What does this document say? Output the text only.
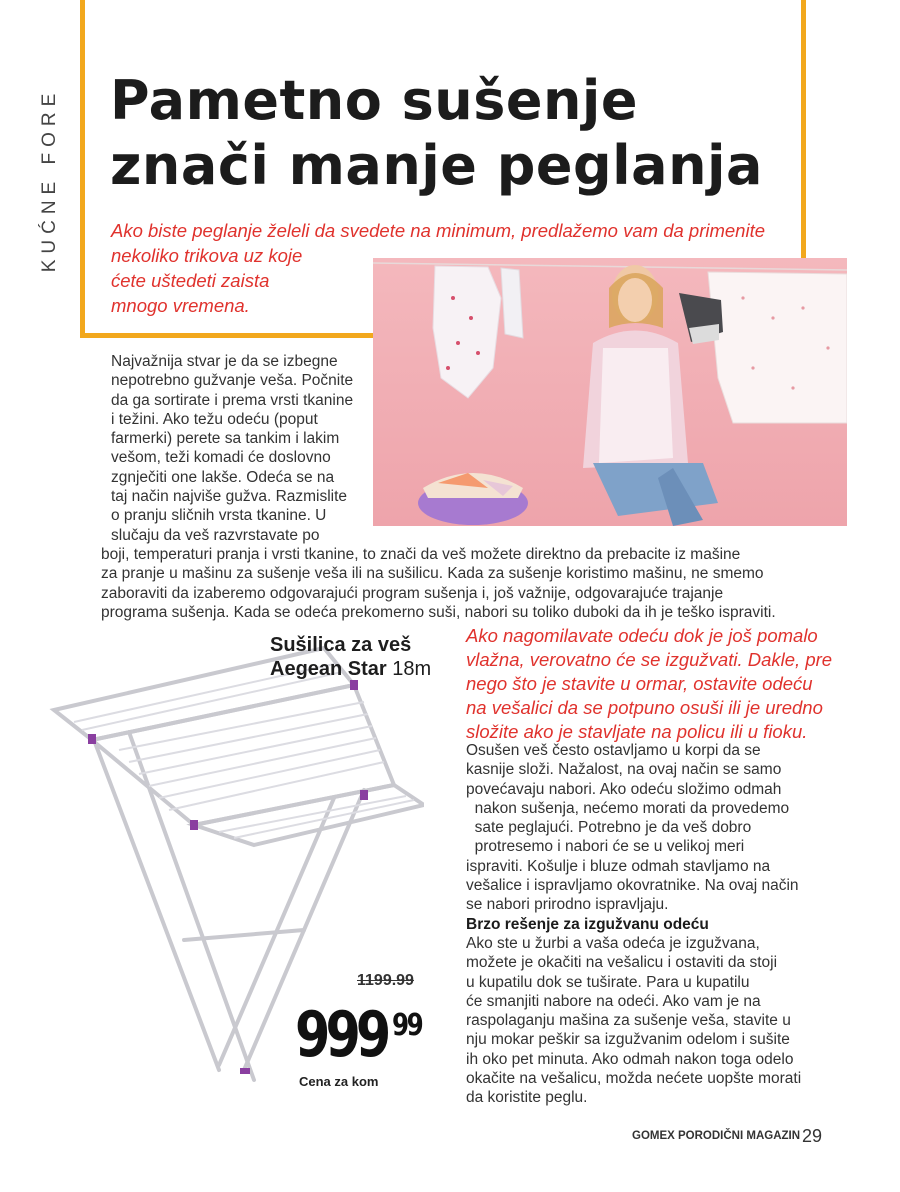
KUĆNE FORE Pametno sušenje
znači manje peglanja
Ako biste peglanje želeli da svedete na minimum, predlažemo vam da primenite
nekoliko trikova uz koje
ćete uštedeti zaista
mnogo vremena.
Najvažnija stvar je da se izbegne
nepotrebno gužvanje veša. Počnite
da ga sortirate i prema vrsti tkanine
i težini. Ako težu odeću (poput
farmerki) perete sa tankim i lakim
vešom, teži komadi će doslovno
zgnječiti one lakše. Odeća se na
taj način najviše gužva. Razmislite
o pranju sličnih vrsta tkanine. U
slučaju da veš razvrstavate po
boji, temperaturi pranja i vrsti tkanine, to znači da veš možete direktno da prebacite iz mašine
za pranje u mašinu za sušenje veša ili na sušilicu. Kada za sušenje koristimo mašinu, ne smemo
zaboraviti da izaberemo odgovarajući program sušenja i, još važnije, odgovarajuće trajanje
programa sušenja. Kada se odeća prekomerno suši, nabori su toliko duboki da ih je teško ispraviti.
Sušilica za veš
Aegean Star 18m
1199.99
999 99
Cena za kom
Ako nagomilavate odeću dok je još pomalo
vlažna, verovatno će se izgužvati. Dakle, pre
nego što je stavite u ormar, ostavite odeću
na vešalici da se potpuno osuši ili je uredno
složite ako je stavljate na policu ili u fioku.
Osušen veš često ostavljamo u korpi da se
kasnije složi. Nažalost, na ovaj način se samo
povećavaju nabori. Ako odeću složimo odmah
nakon sušenja, nećemo morati da provedemo
sate peglajući. Potrebno je da veš dobro
protresemo i nabori će se u velikoj meri
ispraviti. Košulje i bluze odmah stavljamo na
vešalice i ispravljamo okovratnike. Na ovaj način
se nabori prirodno ispravljaju.
Brzo rešenje za izgužvanu odeću
Ako ste u žurbi a vaša odeća je izgužvana,
možete je okačiti na vešalicu i ostaviti da stoji
u kupatilu dok se tuširate. Para u kupatilu
će smanjiti nabore na odeći. Ako vam je na
raspolaganju mašina za sušenje veša, stavite u
nju mokar peškir sa izgužvanim odelom i sušite
ih oko pet minuta. Ako odmah nakon toga odelo
okačite na vešalicu, možda nećete uopšte morati
da koristite peglu.
GOMEX PORODIČNI MAGAZIN 29
